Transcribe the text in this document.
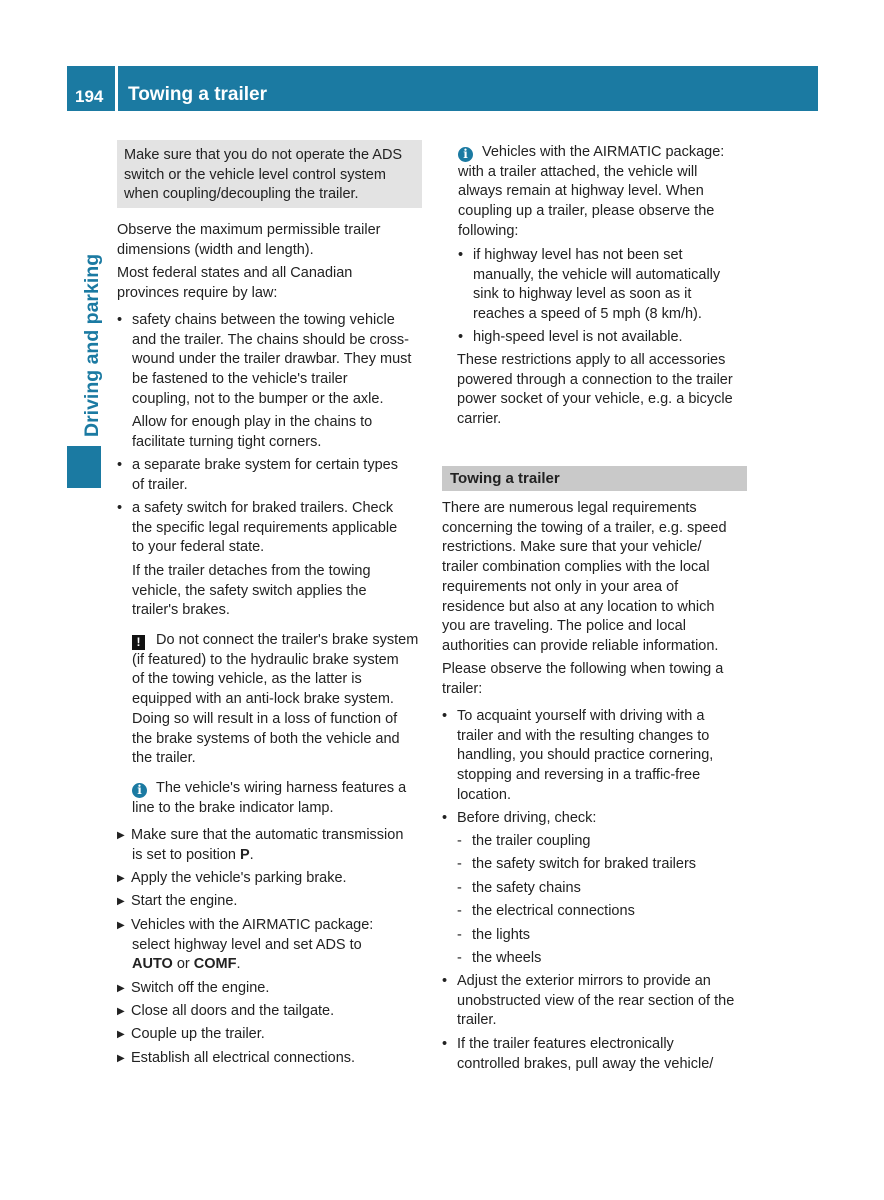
194 Towing a trailer
Driving and parking
Make sure that you do not operate the ADS
switch or the vehicle level control system
when coupling/decoupling the trailer.
Observe the maximum permissible trailer
dimensions (width and length).
Most federal states and all Canadian
provinces require by law:
• safety chains between the towing vehicle
and the trailer. The chains should be cross-
wound under the trailer drawbar. They must
be fastened to the vehicle's trailer
coupling, not to the bumper or the axle.
Allow for enough play in the chains to
facilitate turning tight corners.
• a separate brake system for certain types
of trailer.
• a safety switch for braked trailers. Check
the specific legal requirements applicable
to your federal state.
If the trailer detaches from the towing
vehicle, the safety switch applies the
trailer's brakes.
! Do not connect the trailer's brake system
(if featured) to the hydraulic brake system
of the towing vehicle, as the latter is
equipped with an anti-lock brake system.
Doing so will result in a loss of function of
the brake systems of both the vehicle and
the trailer.
i The vehicle's wiring harness features a
line to the brake indicator lamp.
▶ Make sure that the automatic transmission
is set to position P.
▶ Apply the vehicle's parking brake.
▶ Start the engine.
▶ Vehicles with the AIRMATIC package:
select highway level and set ADS to
AUTO or COMF.
▶ Switch off the engine.
▶ Close all doors and the tailgate.
▶ Couple up the trailer.
▶ Establish all electrical connections.
i Vehicles with the AIRMATIC package:
with a trailer attached, the vehicle will
always remain at highway level. When
coupling up a trailer, please observe the
following:
• if highway level has not been set
manually, the vehicle will automatically
sink to highway level as soon as it
reaches a speed of 5 mph (8 km/h).
• high-speed level is not available.
These restrictions apply to all accessories
powered through a connection to the trailer
power socket of your vehicle, e.g. a bicycle
carrier.
Towing a trailer
There are numerous legal requirements
concerning the towing of a trailer, e.g. speed
restrictions. Make sure that your vehicle/
trailer combination complies with the local
requirements not only in your area of
residence but also at any location to which
you are traveling. The police and local
authorities can provide reliable information.
Please observe the following when towing a
trailer:
• To acquaint yourself with driving with a
trailer and with the resulting changes to
handling, you should practice cornering,
stopping and reversing in a traffic-free
location.
• Before driving, check:
- the trailer coupling
- the safety switch for braked trailers
- the safety chains
- the electrical connections
- the lights
- the wheels
• Adjust the exterior mirrors to provide an
unobstructed view of the rear section of the
trailer.
• If the trailer features electronically
controlled brakes, pull away the vehicle/
